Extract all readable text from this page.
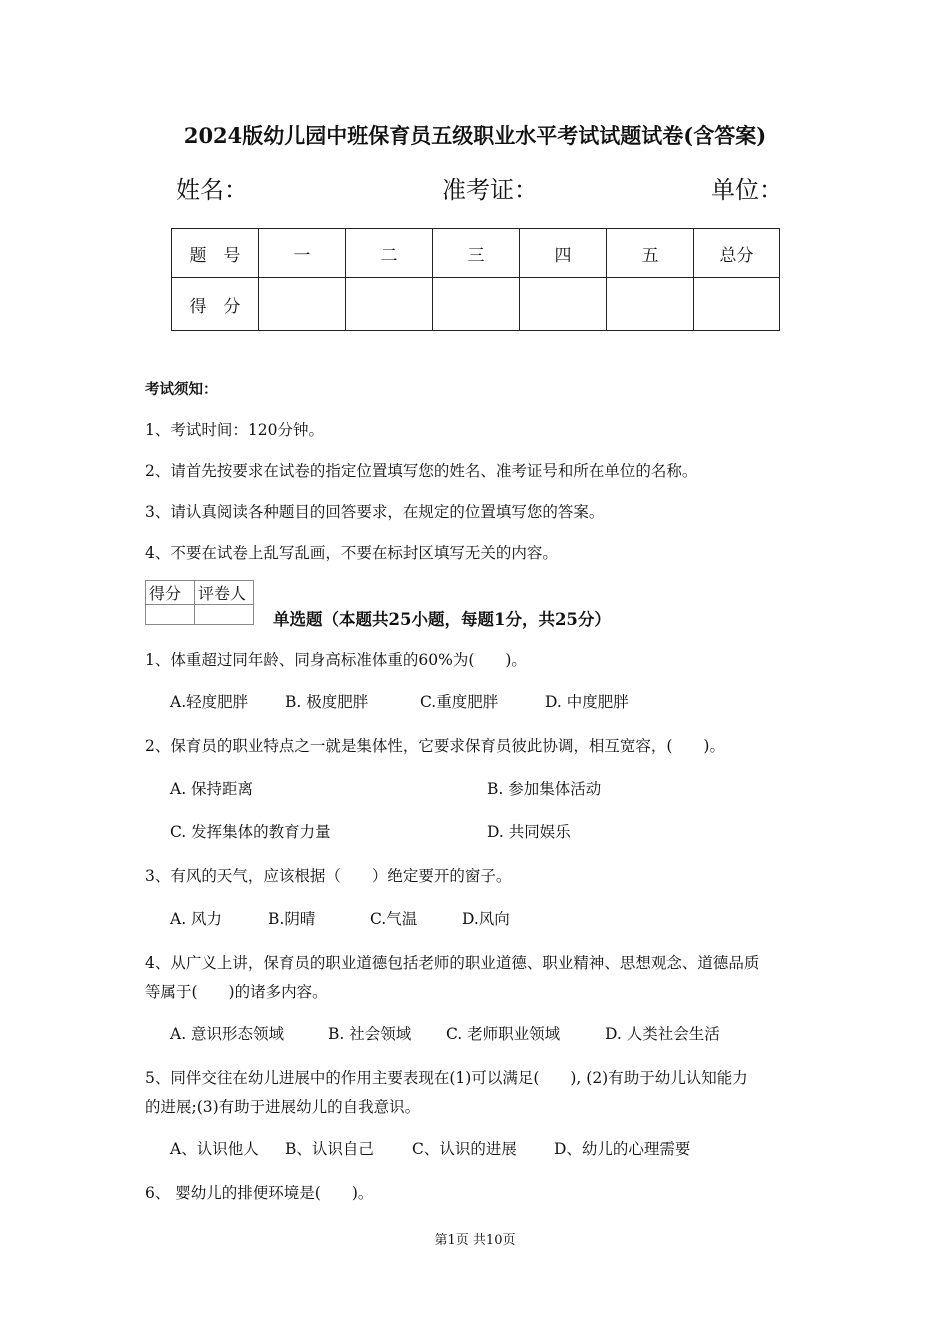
2024版幼儿园中班保育员五级职业水平考试试题试卷(含答案)
姓名：	准考证：	单位：
题　号	一	二	三	四	五	总分
得　分						
考试须知：
1、考试时间：120分钟。
2、请首先按要求在试卷的指定位置填写您的姓名、准考证号和所在单位的名称。
3、请认真阅读各种题目的回答要求，在规定的位置填写您的答案。
4、不要在试卷上乱写乱画，不要在标封区填写无关的内容。
得分	评卷人

单选题（本题共25小题，每题1分，共25分）
1、体重超过同年龄、同身高标准体重的60%为(　　)。
A.轻度肥胖 B. 极度肥胖	C.重度肥胖	D. 中度肥胖
2、保育员的职业特点之一就是集体性，它要求保育员彼此协调，相互宽容，(　　)。
A. 保持距离	B. 参加集体活动
C. 发挥集体的教育力量	D. 共同娱乐
3、有风的天气，应该根据（　　）绝定要开的窗子。
A. 风力	B.阴晴	C.气温	D.风向
4、从广义上讲，保育员的职业道德包括老师的职业道德、职业精神、思想观念、道德品质
等属于(　　)的诸多内容。
A. 意识形态领域	B. 社会领域 C. 老师职业领域	D. 人类社会生活
5、同伴交往在幼儿进展中的作用主要表现在(1)可以满足(　　), (2)有助于幼儿认知能力
的进展;(3)有助于进展幼儿的自我意识。
A、认识他人 B、认识自己 C、认识的进展 D、幼儿的心理需要
6、 婴幼儿的排便环境是(　　)。
第1页 共10页
